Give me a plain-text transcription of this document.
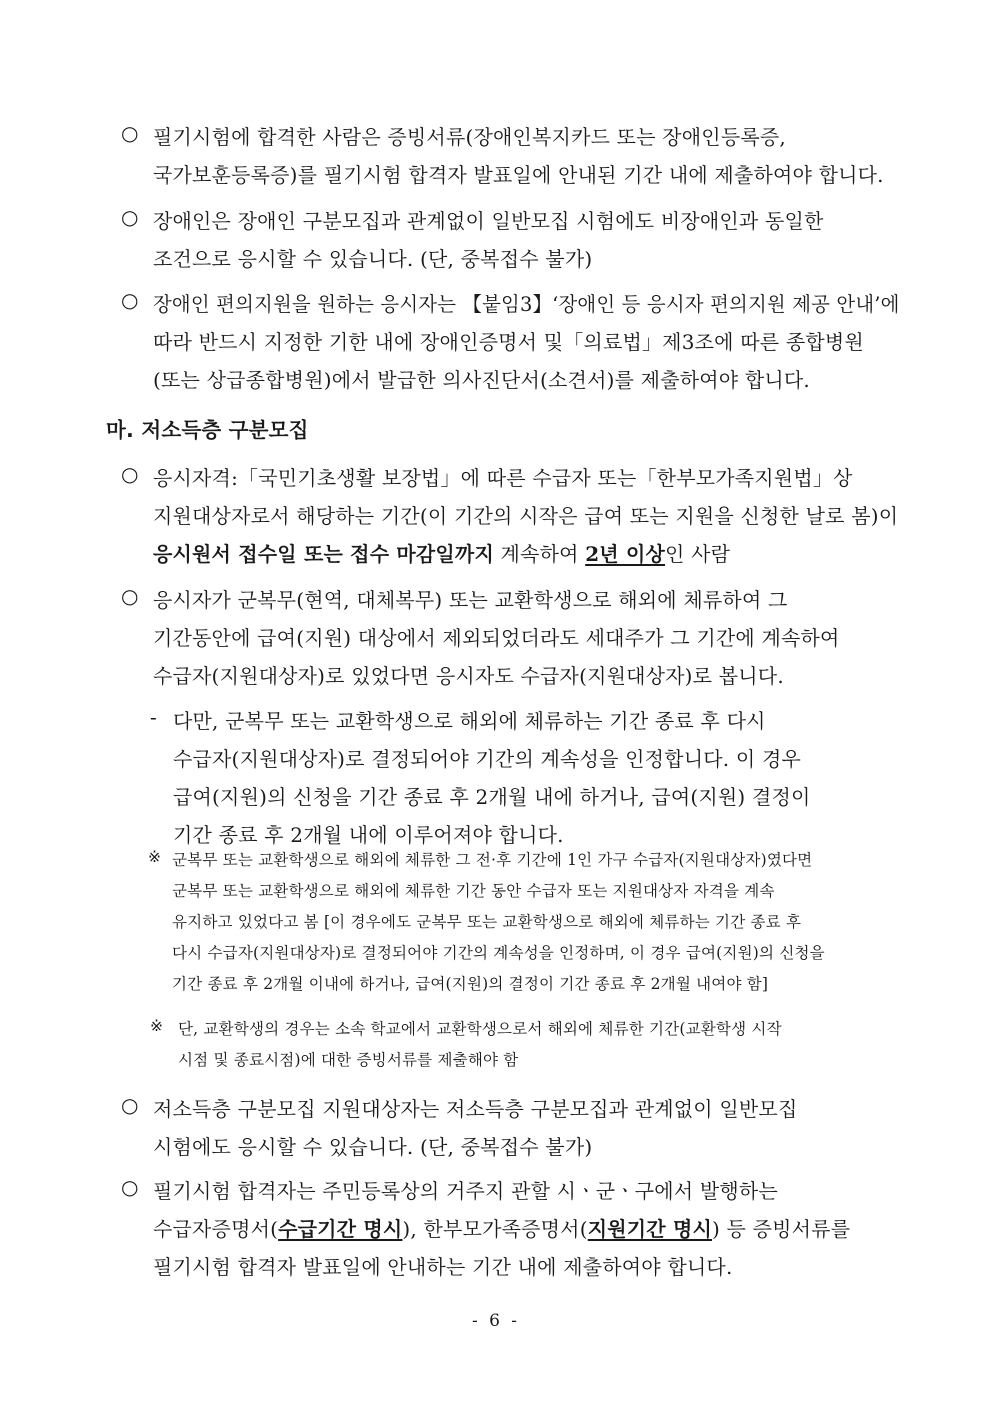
○ 필기시험에 합격한 사람은 증빙서류(장애인복지카드 또는 장애인등록증,
국가보훈등록증)를 필기시험 합격자 발표일에 안내된 기간 내에 제출하여야 합니다.
○ 장애인은 장애인 구분모집과 관계없이 일반모집 시험에도 비장애인과 동일한
조건으로 응시할 수 있습니다. (단, 중복접수 불가)
○ 장애인 편의지원을 원하는 응시자는 【붙임3】‘장애인 등 응시자 편의지원 제공 안내’에
따라 반드시 지정한 기한 내에 장애인증명서 및「의료법」제3조에 따른 종합병원
(또는 상급종합병원)에서 발급한 의사진단서(소견서)를 제출하여야 합니다.
마. 저소득층 구분모집
○ 응시자격:「국민기초생활 보장법」에 따른 수급자 또는「한부모가족지원법」상
지원대상자로서 해당하는 기간(이 기간의 시작은 급여 또는 지원을 신청한 날로 봄)이
응시원서 접수일 또는 접수 마감일까지 계속하여 2년 이상인 사람
○ 응시자가 군복무(현역, 대체복무) 또는 교환학생으로 해외에 체류하여 그
기간동안에 급여(지원) 대상에서 제외되었더라도 세대주가 그 기간에 계속하여
수급자(지원대상자)로 있었다면 응시자도 수급자(지원대상자)로 봅니다.
- 다만, 군복무 또는 교환학생으로 해외에 체류하는 기간 종료 후 다시
수급자(지원대상자)로 결정되어야 기간의 계속성을 인정합니다. 이 경우
급여(지원)의 신청을 기간 종료 후 2개월 내에 하거나, 급여(지원) 결정이
기간 종료 후 2개월 내에 이루어져야 합니다.
※ 군복무 또는 교환학생으로 해외에 체류한 그 전·후 기간에 1인 가구 수급자(지원대상자)였다면
군복무 또는 교환학생으로 해외에 체류한 기간 동안 수급자 또는 지원대상자 자격을 계속
유지하고 있었다고 봄 [이 경우에도 군복무 또는 교환학생으로 해외에 체류하는 기간 종료 후
다시 수급자(지원대상자)로 결정되어야 기간의 계속성을 인정하며, 이 경우 급여(지원)의 신청을
기간 종료 후 2개월 이내에 하거나, 급여(지원)의 결정이 기간 종료 후 2개월 내여야 함]
※ 단, 교환학생의 경우는 소속 학교에서 교환학생으로서 해외에 체류한 기간(교환학생 시작
시점 및 종료시점)에 대한 증빙서류를 제출해야 함
○ 저소득층 구분모집 지원대상자는 저소득층 구분모집과 관계없이 일반모집
시험에도 응시할 수 있습니다. (단, 중복접수 불가)
○ 필기시험 합격자는 주민등록상의 거주지 관할 시ㆍ군ㆍ구에서 발행하는
수급자증명서(수급기간 명시), 한부모가족증명서(지원기간 명시) 등 증빙서류를
필기시험 합격자 발표일에 안내하는 기간 내에 제출하여야 합니다.
- 6 -
